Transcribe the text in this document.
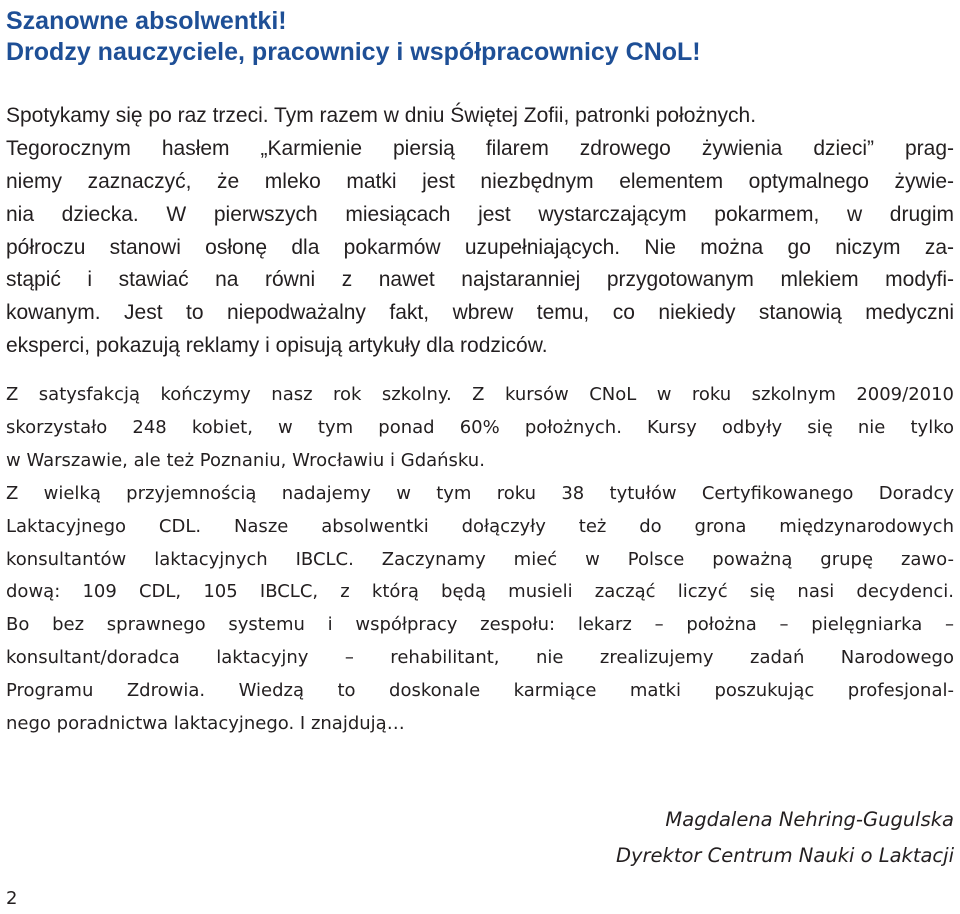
Szanowne absolwentki!
Drodzy nauczyciele, pracownicy i współpracownicy CNoL!
Spotykamy się po raz trzeci. Tym razem w dniu Świętej Zofii, patronki położnych.
Tegorocznym hasłem „Karmienie piersią filarem zdrowego żywienia dzieci” prag-
niemy zaznaczyć, że mleko matki jest niezbędnym elementem optymalnego żywie-
nia dziecka. W pierwszych miesiącach jest wystarczającym pokarmem, w drugim
półroczu stanowi osłonę dla pokarmów uzupełniających. Nie można go niczym za-
stąpić i stawiać na równi z nawet najstaranniej przygotowanym mlekiem modyfi-
kowanym. Jest to niepodważalny fakt, wbrew temu, co niekiedy stanowią medyczni
eksperci, pokazują reklamy i opisują artykuły dla rodziców.
Z satysfakcją kończymy nasz rok szkolny. Z kursów CNoL w roku szkolnym 2009/2010
skorzystało 248 kobiet, w tym ponad 60% położnych. Kursy odbyły się nie tylko
w Warszawie, ale też Poznaniu, Wrocławiu i Gdańsku.
Z wielką przyjemnością nadajemy w tym roku 38 tytułów Certyfikowanego Doradcy
Laktacyjnego CDL. Nasze absolwentki dołączyły też do grona międzynarodowych
konsultantów laktacyjnych IBCLC. Zaczynamy mieć w Polsce poważną grupę zawo-
dową: 109 CDL, 105 IBCLC, z którą będą musieli zacząć liczyć się nasi decydenci.
Bo bez sprawnego systemu i współpracy zespołu: lekarz – położna – pielęgniarka –
konsultant/doradca laktacyjny – rehabilitant, nie zrealizujemy zadań Narodowego
Programu Zdrowia. Wiedzą to doskonale karmiące matki poszukując profesjonal-
nego poradnictwa laktacyjnego. I znajdują…
Magdalena Nehring-Gugulska
Dyrektor Centrum Nauki o Laktacji
2
